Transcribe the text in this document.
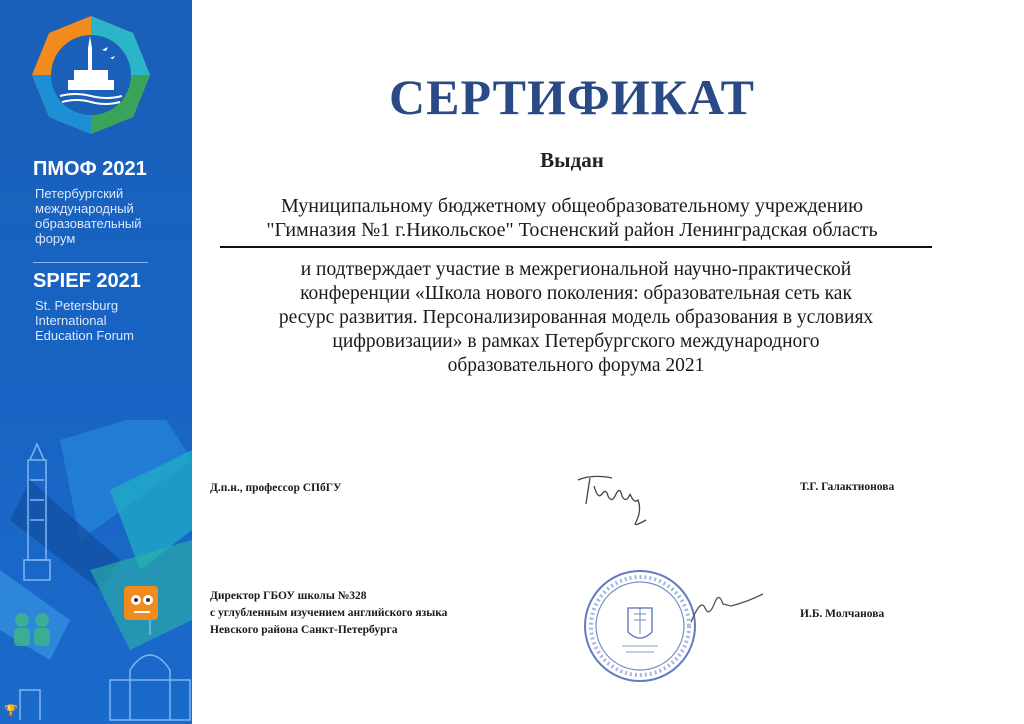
ПМОФ 2021

Петербургский

международный

образовательный

форум

SPIEF 2021

St. Petersburg

International

Education Forum

🏆
СЕРТИФИКАТ

Выдан

Муниципальному бюджетному общеобразовательному учреждению
"Гимназия №1 г.Никольское" Тосненский район Ленинградская область
и подтверждает участие в межрегиональной научно-практической
конференции «Школа нового поколения: образовательная сеть как
ресурс развития. Персонализированная модель образования в условиях
цифровизации» в рамках Петербургского международного
образовательного форума 2021
Д.п.н., профессор СПбГУ	Т.Г. Галактионова
Директор ГБОУ школы №328
с углубленным изучением английского языка
Невского района Санкт-Петербурга
И.Б. Молчанова
